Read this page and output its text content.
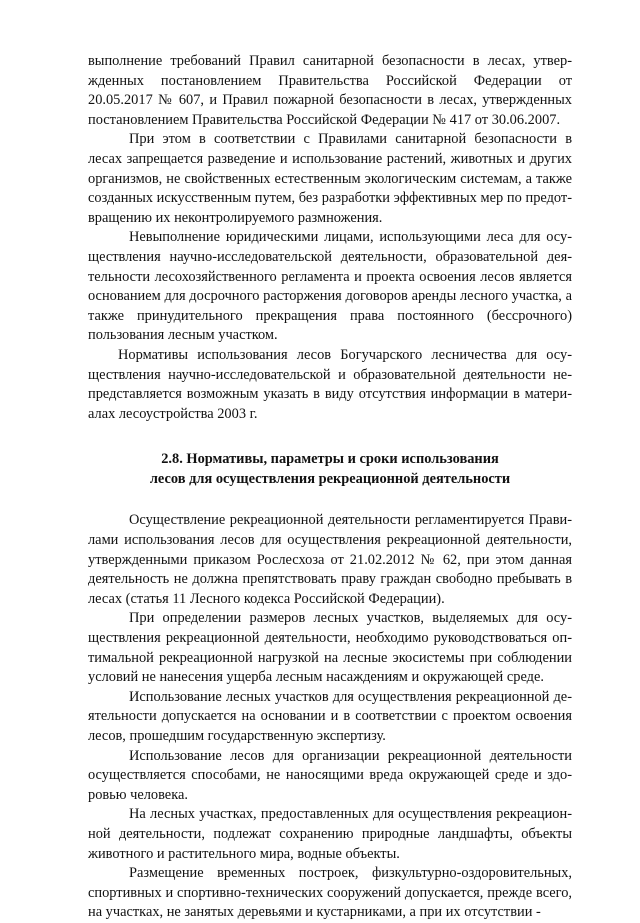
выполнение требований Правил санитарной безопасности в лесах, утвержденных постановлением Правительства Российской Федерации от 20.05.2017 № 607, и Правил пожарной безопасности в лесах, утвержденных постановлением Правительства Российской Федерации № 417 от 30.06.2007.

При этом в соответствии с Правилами санитарной безопасности в лесах запрещается разведение и использование растений, животных и других организмов, не свойственных естественным экологическим системам, а также созданных искусственным путем, без разработки эффективных мер по предотвращению их неконтролируемого размножения.

Невыполнение юридическими лицами, использующими леса для осуществления научно-исследовательской деятельности, образовательной деятельности лесохозяйственного регламента и проекта освоения лесов является основанием для досрочного расторжения договоров аренды лесного участка, а также принудительного прекращения права постоянного (бессрочного) пользования лесным участком.

Нормативы использования лесов Богучарского лесничества для осуществления научно-исследовательской и образовательной деятельности непредставляется возможным указать в виду отсутствия информации в материалах лесоустройства 2003 г.

2.8. Нормативы, параметры и сроки использования
лесов для осуществления рекреационной деятельности

Осуществление рекреационной деятельности регламентируется Правилами использования лесов для осуществления рекреационной деятельности, утвержденными приказом Рослесхоза от 21.02.2012 № 62, при этом данная деятельность не должна препятствовать праву граждан свободно пребывать в лесах (статья 11 Лесного кодекса Российской Федерации).

При определении размеров лесных участков, выделяемых для осуществления рекреационной деятельности, необходимо руководствоваться оптимальной рекреационной нагрузкой на лесные экосистемы при соблюдении условий не нанесения ущерба лесным насаждениям и окружающей среде.

Использование лесных участков для осуществления рекреационной деятельности допускается на основании и в соответствии с проектом освоения лесов, прошедшим государственную экспертизу.

Использование лесов для организации рекреационной деятельности осуществляется способами, не наносящими вреда окружающей среде и здоровью человека.

На лесных участках, предоставленных для осуществления рекреационной деятельности, подлежат сохранению природные ландшафты, объекты животного и растительного мира, водные объекты.

Размещение временных построек, физкультурно-оздоровительных, спортивных и спортивно-технических сооружений допускается, прежде всего, на участках, не занятых деревьями и кустарниками, а при их отсутствии -
